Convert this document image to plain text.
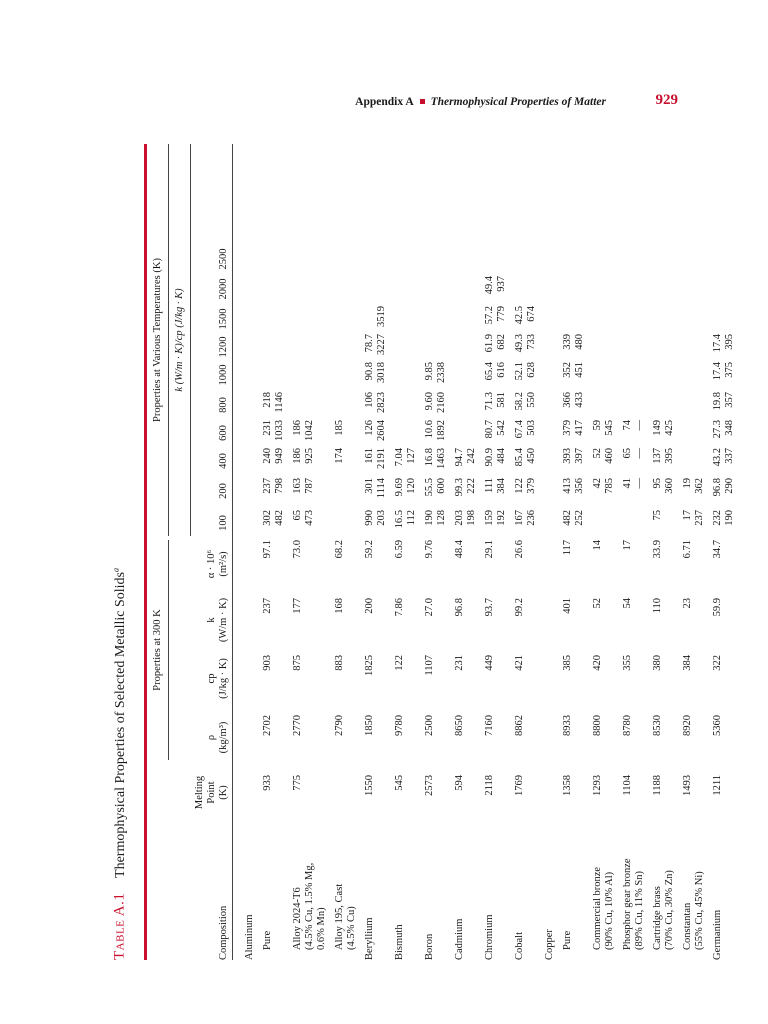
Appendix A Thermophysical Properties of Matter	929
Table A.1 Thermophysical Properties of Selected Metallic Solids$^a$
Properties at 300 K
Properties at Various Temperatures (K) k (W/m · K)/cp (J/kg · K)
Composition
Melting Point (K)
ρ (kg/m³)
cp (J/kg · K)
k (W/m · K)
α · 10⁶ (m²/s)
100
200
400
600
800
1000
1200
1500
2000
2500
Aluminum Pure
933
2702
903
237
97.1
302 482
237 798
240 949
231 1033
218 1146
Alloy 2024-T6 (4.5% Cu, 1.5% Mg, 0.6% Mn)
775
2770
875
177
73.0
65 473
163 787
186 925
186 1042
Alloy 195, Cast (4.5% Cu)
2790
883
168
68.2
174
185
Beryllium
1550
1850
1825
200
59.2
990 203
301 1114
161 2191
126 2604
106 2823
90.8 3018
78.7 3227
3519
Bismuth
545
9780
122
7.86
6.59
16.5 112
9.69 120
7.04 127
Boron
2573
2500
1107
27.0
9.76
190 128
55.5 600
16.8 1463
10.6 1892
9.60 2160
9.85 2338
Cadmium
594
8650
231
96.8
48.4
203 198
99.3 222
94.7 242
Chromium
2118
7160
449
93.7
29.1
159 192
111 384
90.9 484
80.7 542
71.3 581
65.4 616
61.9 682
57.2 779
49.4 937
Cobalt
1769
8862
421
99.2
26.6
167 236
122 379
85.4 450
67.4 503
58.2 550
52.1 628
49.3 733
42.5 674
Copper Pure
1358
8933
385
401
117
482 252
413 356
393 397
379 417
366 433
352 451
339 480
Commercial bronze (90% Cu, 10% Al)
1293
8800
420
52
14
42 785
52 460
59 545
Phosphor gear bronze (89% Cu, 11% Sn)
1104
8780
355
54
17
41 —
65 —
74 —
Cartridge brass (70% Cu, 30% Zn)
1188
8530
380
110
33.9
75
95 360
137 395
149 425
Constantan (55% Cu, 45% Ni)
1493
8920
384
23
6.71
17 237
19 362
Germanium
1211
5360
322
59.9
34.7
232 190
96.8 290
43.2 337
27.3 348
19.8 357
17.4 375
17.4 395
